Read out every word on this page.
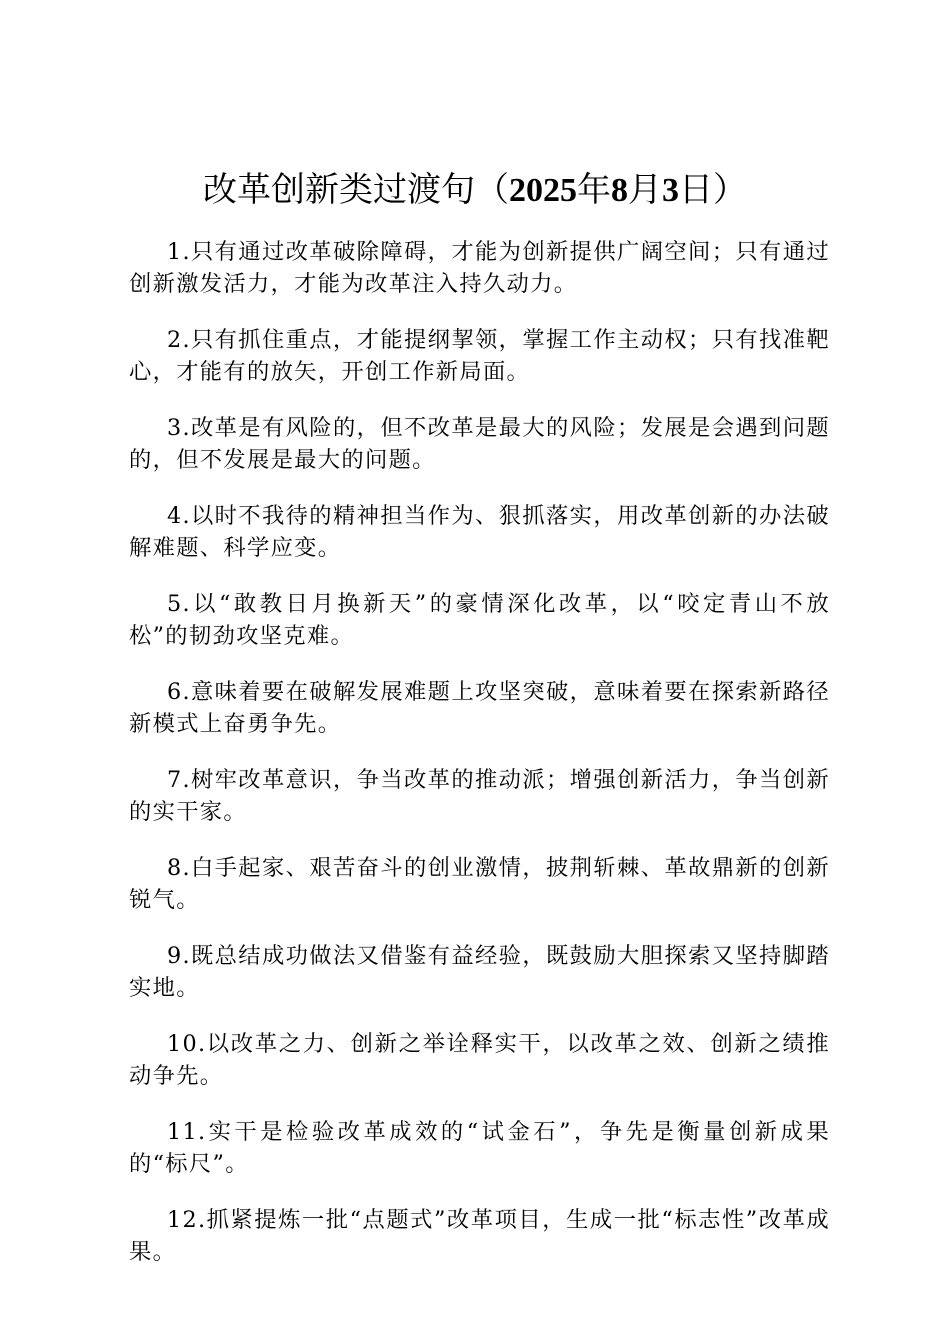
改革创新类过渡句（2025年8月3日）

1.只有通过改革破除障碍，才能为创新提供广阔空间；只有通过创新激发活力，才能为改革注入持久动力。

2.只有抓住重点，才能提纲挈领，掌握工作主动权；只有找准靶心，才能有的放矢，开创工作新局面。

3.改革是有风险的，但不改革是最大的风险；发展是会遇到问题的，但不发展是最大的问题。

4.以时不我待的精神担当作为、狠抓落实，用改革创新的办法破解难题、科学应变。

5.以“敢教日月换新天”的豪情深化改革，以“咬定青山不放松”的韧劲攻坚克难。

6.意味着要在破解发展难题上攻坚突破，意味着要在探索新路径新模式上奋勇争先。

7.树牢改革意识，争当改革的推动派；增强创新活力，争当创新的实干家。

8.白手起家、艰苦奋斗的创业激情，披荆斩棘、革故鼎新的创新锐气。

9.既总结成功做法又借鉴有益经验，既鼓励大胆探索又坚持脚踏实地。

10.以改革之力、创新之举诠释实干，以改革之效、创新之绩推动争先。

11.实干是检验改革成效的“试金石”，争先是衡量创新成果的“标尺”。

12.抓紧提炼一批“点题式”改革项目，生成一批“标志性”改革成果。
